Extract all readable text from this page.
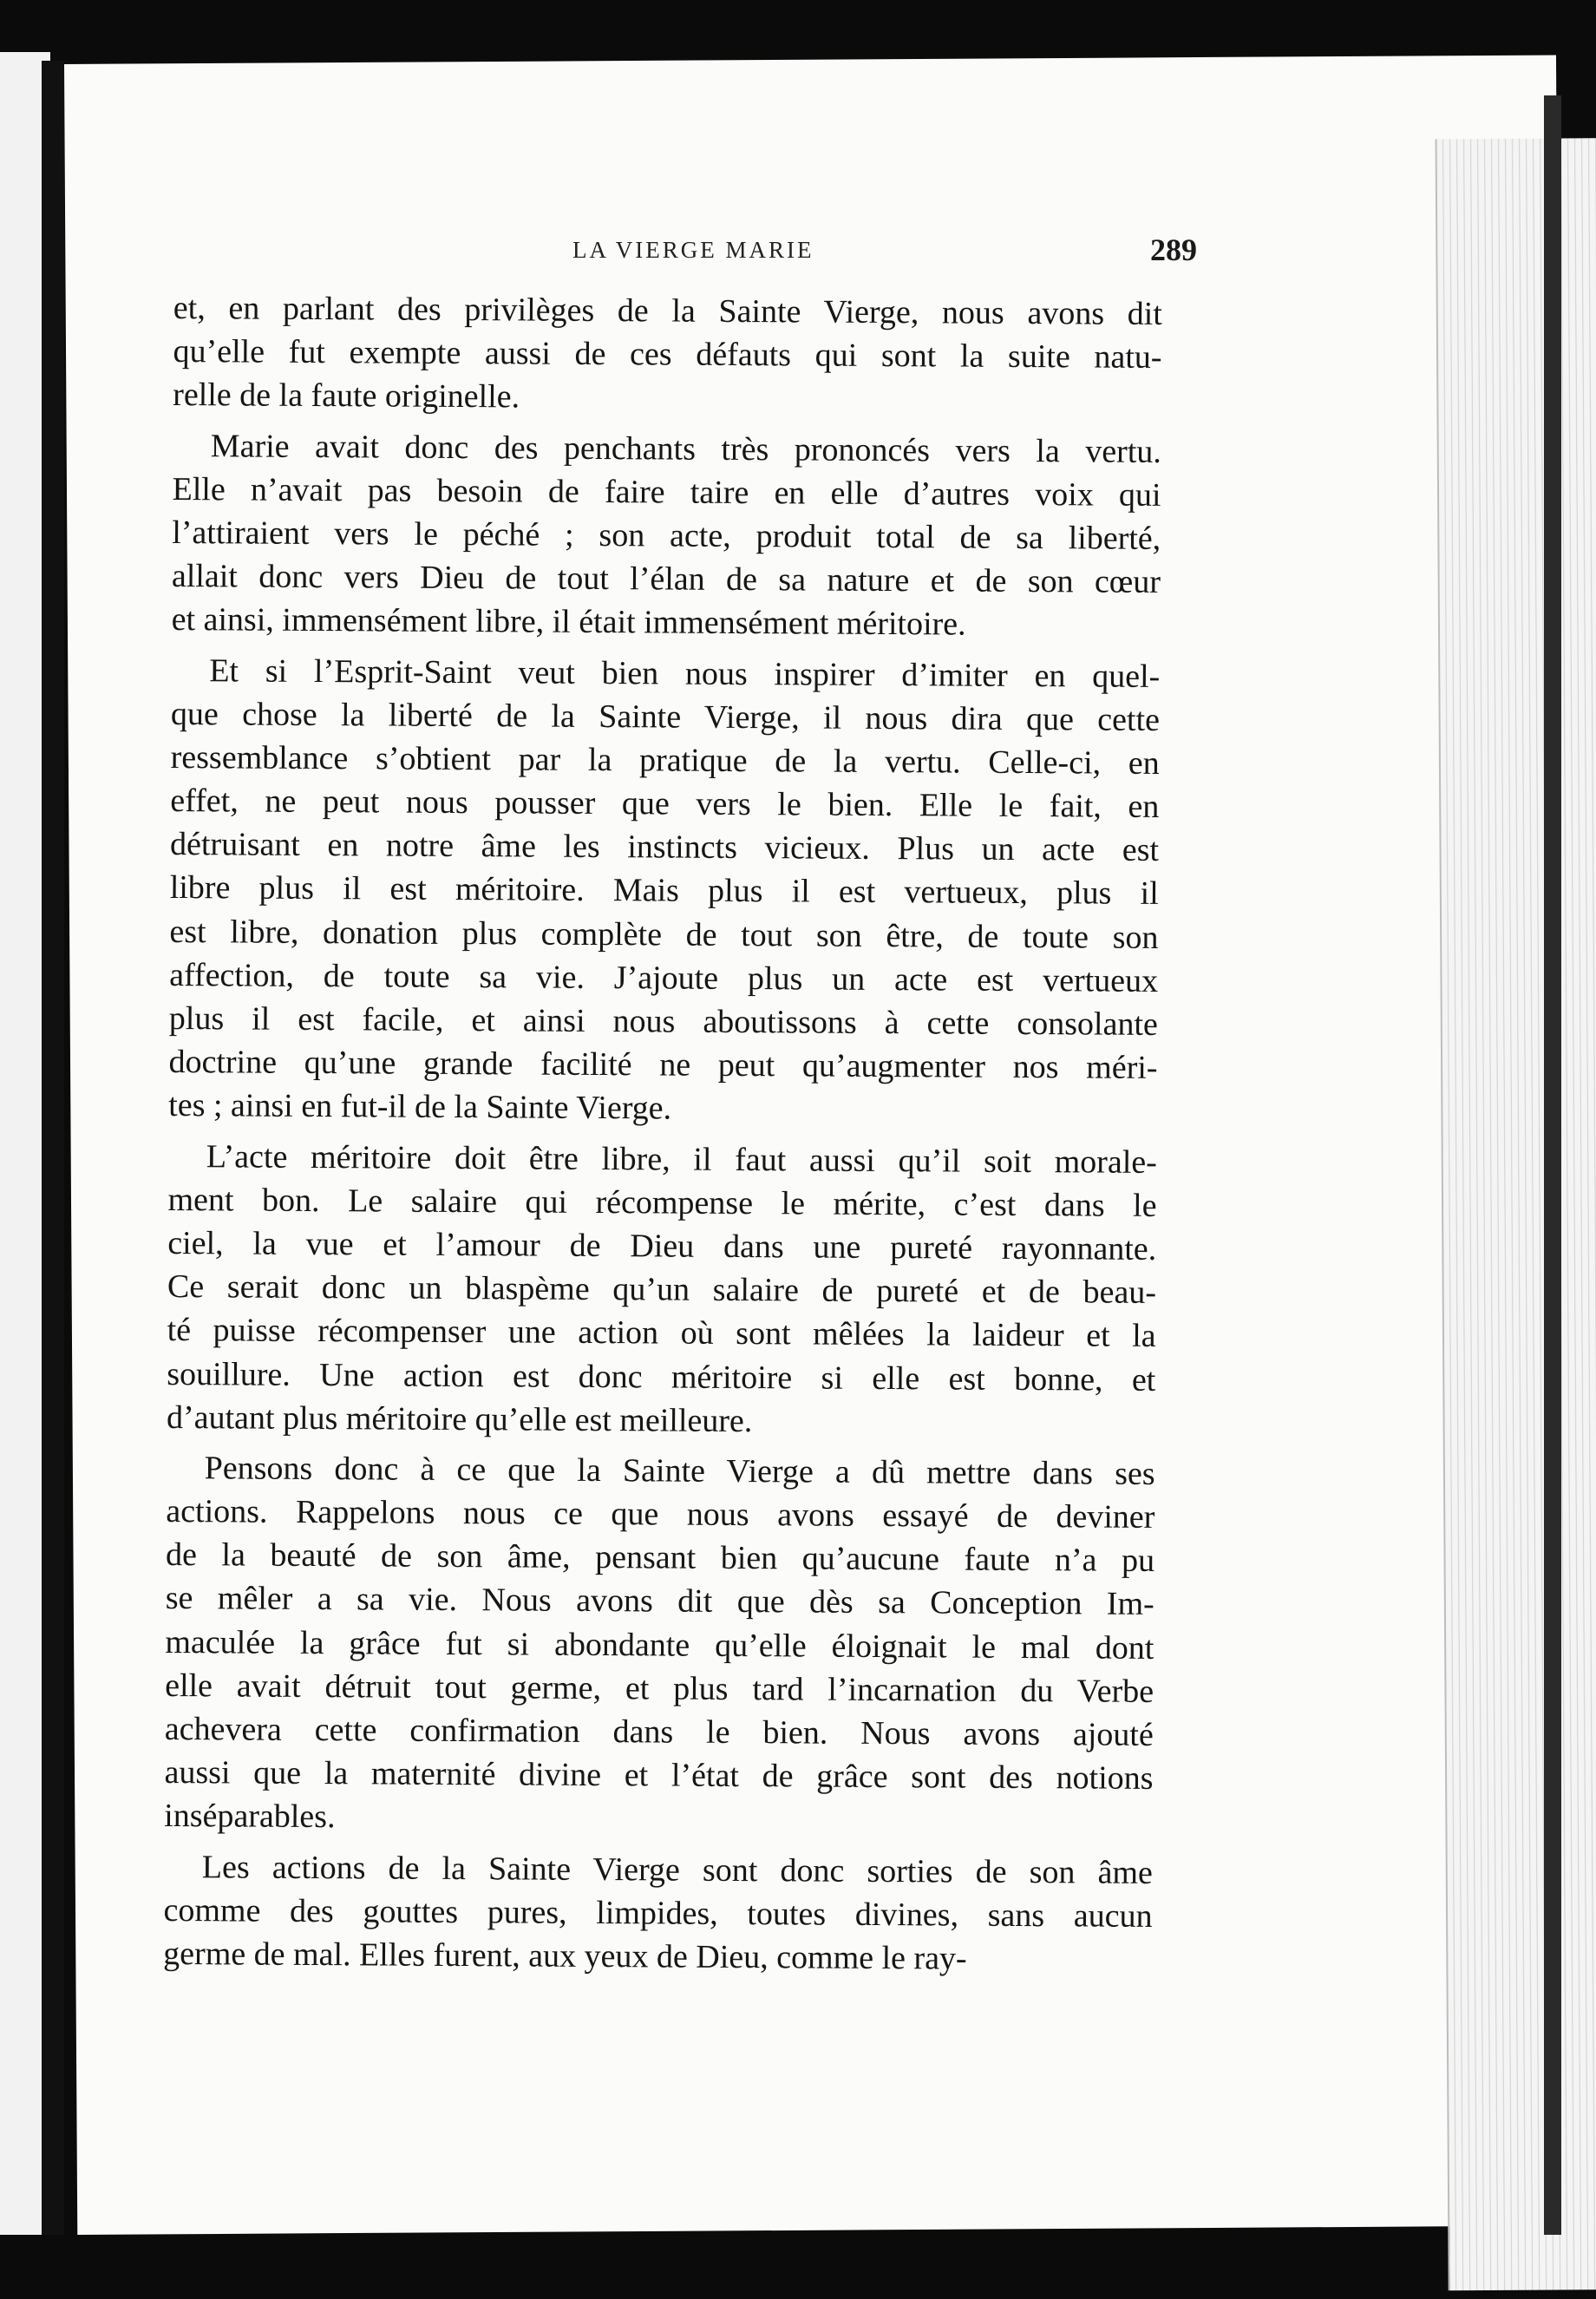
LA VIERGE MARIE	289
et, en parlant des privilèges de la Sainte Vierge, nous avons dit
qu’elle fut exempte aussi de ces défauts qui sont la suite natu-
relle de la faute originelle.
Marie avait donc des penchants très prononcés vers la vertu.
Elle n’avait pas besoin de faire taire en elle d’autres voix qui
l’attiraient vers le péché ; son acte, produit total de sa liberté,
allait donc vers Dieu de tout l’élan de sa nature et de son cœur
et ainsi, immensément libre, il était immensément méritoire.
Et si l’Esprit-Saint veut bien nous inspirer d’imiter en quel-
que chose la liberté de la Sainte Vierge, il nous dira que cette
ressemblance s’obtient par la pratique de la vertu. Celle-ci, en
effet, ne peut nous pousser que vers le bien. Elle le fait, en
détruisant en notre âme les instincts vicieux. Plus un acte est
libre plus il est méritoire. Mais plus il est vertueux, plus il
est libre, donation plus complète de tout son être, de toute son
affection, de toute sa vie. J’ajoute plus un acte est vertueux
plus il est facile, et ainsi nous aboutissons à cette consolante
doctrine qu’une grande facilité ne peut qu’augmenter nos méri-
tes ; ainsi en fut-il de la Sainte Vierge.
L’acte méritoire doit être libre, il faut aussi qu’il soit morale-
ment bon. Le salaire qui récompense le mérite, c’est dans le
ciel, la vue et l’amour de Dieu dans une pureté rayonnante.
Ce serait donc un blaspème qu’un salaire de pureté et de beau-
té puisse récompenser une action où sont mêlées la laideur et la
souillure. Une action est donc méritoire si elle est bonne, et
d’autant plus méritoire qu’elle est meilleure.
Pensons donc à ce que la Sainte Vierge a dû mettre dans ses
actions. Rappelons nous ce que nous avons essayé de deviner
de la beauté de son âme, pensant bien qu’aucune faute n’a pu
se mêler a sa vie. Nous avons dit que dès sa Conception Im-
maculée la grâce fut si abondante qu’elle éloignait le mal dont
elle avait détruit tout germe, et plus tard l’incarnation du Verbe
achevera cette confirmation dans le bien. Nous avons ajouté
aussi que la maternité divine et l’état de grâce sont des notions
inséparables.
Les actions de la Sainte Vierge sont donc sorties de son âme
comme des gouttes pures, limpides, toutes divines, sans aucun
germe de mal. Elles furent, aux yeux de Dieu, comme le ray-
